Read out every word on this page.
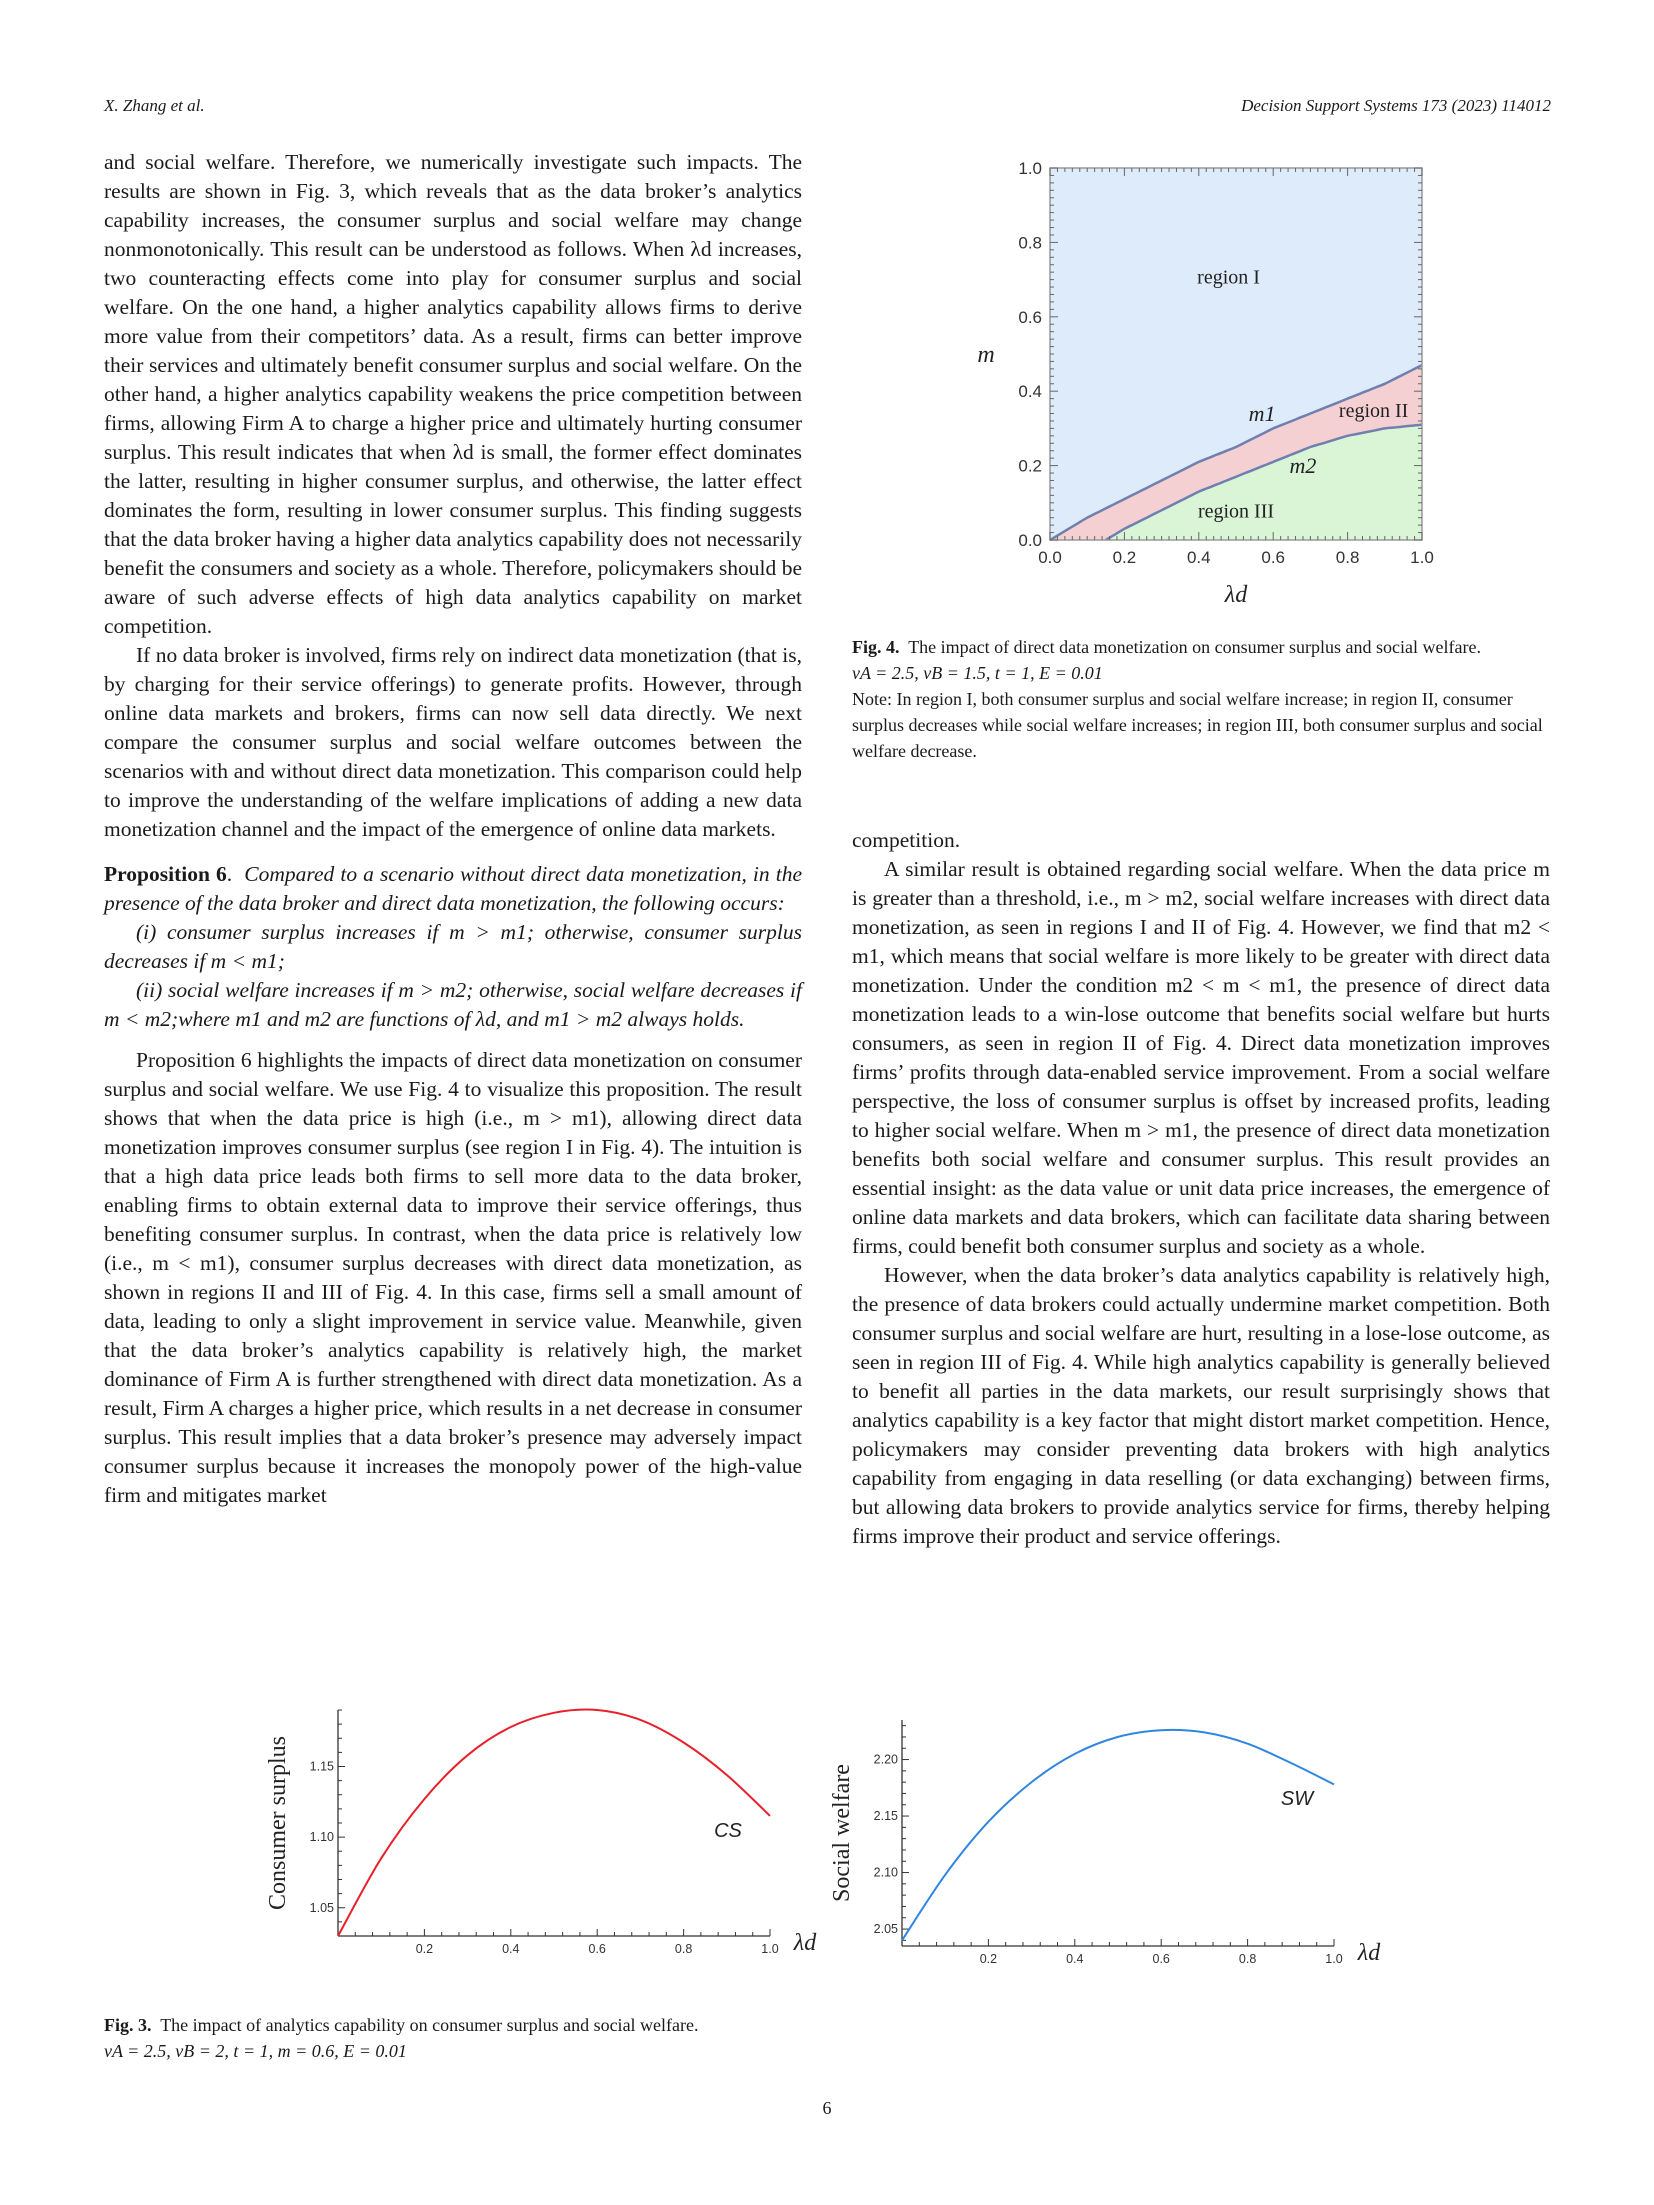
X. Zhang et al.	Decision Support Systems 173 (2023) 114012

and social welfare. Therefore, we numerically investigate such impacts. The results are shown in Fig. 3, which reveals that as the data broker’s analytics capability increases, the consumer surplus and social welfare may change nonmonotonically. This result can be understood as follows. When λd increases, two counteracting effects come into play for consumer surplus and social welfare. On the one hand, a higher analytics capability allows firms to derive more value from their competitors’ data. As a result, firms can better improve their services and ultimately benefit consumer surplus and social welfare. On the other hand, a higher analytics capability weakens the price competition between firms, allowing Firm A to charge a higher price and ultimately hurting consumer surplus. This result indicates that when λd is small, the former effect dominates the latter, resulting in higher consumer surplus, and otherwise, the latter effect dominates the form, resulting in lower consumer surplus. This finding suggests that the data broker having a higher data analytics capability does not necessarily benefit the consumers and society as a whole. Therefore, policymakers should be aware of such adverse effects of high data analytics capability on market competition.

If no data broker is involved, firms rely on indirect data monetization (that is, by charging for their service offerings) to generate profits. However, through online data markets and brokers, firms can now sell data directly. We next compare the consumer surplus and social welfare outcomes between the scenarios with and without direct data monetization. This comparison could help to improve the understanding of the welfare implications of adding a new data monetization channel and the impact of the emergence of online data markets.

Proposition 6.  Compared to a scenario without direct data monetization, in the presence of the data broker and direct data monetization, the following occurs:

(i) consumer surplus increases if m > m1; otherwise, consumer surplus decreases if m < m1;

(ii) social welfare increases if m > m2; otherwise, social welfare decreases if m < m2;where m1 and m2 are functions of λd, and m1 > m2 always holds.

Proposition 6 highlights the impacts of direct data monetization on consumer surplus and social welfare. We use Fig. 4 to visualize this proposition. The result shows that when the data price is high (i.e., m > m1), allowing direct data monetization improves consumer surplus (see region I in Fig. 4). The intuition is that a high data price leads both firms to sell more data to the data broker, enabling firms to obtain external data to improve their service offerings, thus benefiting consumer surplus. In contrast, when the data price is relatively low (i.e., m < m1), consumer surplus decreases with direct data monetization, as shown in regions II and III of Fig. 4. In this case, firms sell a small amount of data, leading to only a slight improvement in service value. Meanwhile, given that the data broker’s analytics capability is relatively high, the market dominance of Firm A is further strengthened with direct data monetization. As a result, Firm A charges a higher price, which results in a net decrease in consumer surplus. This result implies that a data broker’s presence may adversely impact consumer surplus because it increases the monopoly power of the high-value firm and mitigates market

0.0	0.2	0.4	0.6	0.8	1.0
0.0
0.2
0.4
0.6
0.8
1.0
λd
m
region I
region II
region III
m1
m2
Fig. 4. The impact of direct data monetization on consumer surplus and social welfare.
vA = 2.5, vB = 1.5, t = 1, E = 0.01
Note: In region I, both consumer surplus and social welfare increase; in region II, consumer surplus decreases while social welfare increases; in region III, both consumer surplus and social welfare decrease.

competition.

A similar result is obtained regarding social welfare. When the data price m is greater than a threshold, i.e., m > m2, social welfare increases with direct data monetization, as seen in regions I and II of Fig. 4. However, we find that m2 < m1, which means that social welfare is more likely to be greater with direct data monetization. Under the condition m2 < m < m1, the presence of direct data monetization leads to a win-lose outcome that benefits social welfare but hurts consumers, as seen in region II of Fig. 4. Direct data monetization improves firms’ profits through data-enabled service improvement. From a social welfare perspective, the loss of consumer surplus is offset by increased profits, leading to higher social welfare. When m > m1, the presence of direct data monetization benefits both social welfare and consumer surplus. This result provides an essential insight: as the data value or unit data price increases, the emergence of online data markets and data brokers, which can facilitate data sharing between firms, could benefit both consumer surplus and society as a whole.

However, when the data broker’s data analytics capability is relatively high, the presence of data brokers could actually undermine market competition. Both consumer surplus and social welfare are hurt, resulting in a lose-lose outcome, as seen in region III of Fig. 4. While high analytics capability is generally believed to benefit all parties in the data markets, our result surprisingly shows that analytics capability is a key factor that might distort market competition. Hence, policymakers may consider preventing data brokers with high analytics capability from engaging in data reselling (or data exchanging) between firms, but allowing data brokers to provide analytics service for firms, thereby helping firms improve their product and service offerings.

0.2	0.4	0.6	0.8	1.0
1.05
1.10
1.15
CS
λd
Consumer surplus
0.2	0.4	0.6	0.8	1.0
2.05
2.10
2.15
2.20
SW
λd
Social welfare
Fig. 3. The impact of analytics capability on consumer surplus and social welfare.
vA = 2.5, vB = 2, t = 1, m = 0.6, E = 0.01
6
